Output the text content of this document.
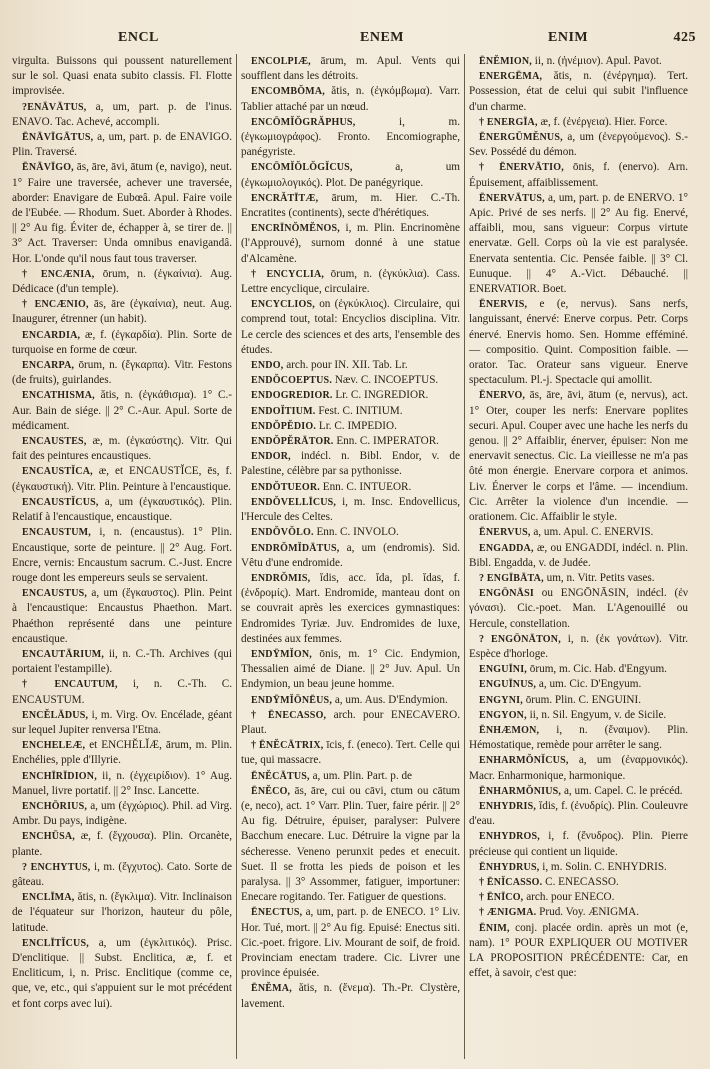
ENCL	ENEM	ENIM	425

virgulta. Buissons qui poussent naturellement sur le sol. Quasi enata subito classis. Fl. Flotte improvisée.

?ENĀVĀTUS, a, um, part. p. de l'inus. ENAVO. Tac. Achevé, accompli.

ĒNĀVĪGĀTUS, a, um, part. p. de ENAVIGO. Plin. Traversé.

ĒNĀVĪGO, ās, āre, āvi, ātum (e, navigo), neut. 1° Faire une traversée, achever une traversée, aborder: Enavigare de Eubœâ. Apul. Faire voile de l'Eubée. — Rhodum. Suet. Aborder à Rhodes. || 2° Au fig. Éviter de, échapper à, se tirer de. || 3° Act. Traverser: Unda omnibus enavigandâ. Hor. L'onde qu'il nous faut tous traverser.

† ENCÆNIA, ōrum, n. (ἐγκαίνια). Aug. Dédicace (d'un temple).

† ENCÆNIO, ās, āre (ἐγκαίνια), neut. Aug. Inaugurer, étrenner (un habit).

ENCARDIA, æ, f. (ἐγκαρδία). Plin. Sorte de turquoise en forme de cœur.

ENCARPA, ōrum, n. (ἔγκαρπα). Vitr. Festons (de fruits), guirlandes.

ENCATHISMA, ătis, n. (ἐγκάθισμα). 1° C.-Aur. Bain de siége. || 2° C.-Aur. Apul. Sorte de médicament.

ENCAUSTES, æ, m. (ἐγκαύστης). Vitr. Qui fait des peintures encaustiques.

ENCAUSTĬCA, æ, et ENCAUSTĬCE, ēs, f. (ἐγκαυστική). Vitr. Plin. Peinture à l'encaustique.

ENCAUSTĬCUS, a, um (ἐγκαυστικός). Plin. Relatif à l'encaustique, encaustique.

ENCAUSTUM, i, n. (encaustus). 1° Plin. Encaustique, sorte de peinture. || 2° Aug. Fort. Encre, vernis: Encaustum sacrum. C.-Just. Encre rouge dont les empereurs seuls se servaient.

ENCAUSTUS, a, um (ἔγκαυστος). Plin. Peint à l'encaustique: Encaustus Phaethon. Mart. Phaéthon représenté dans une peinture encaustique.

ENCAUTĀRIUM, ii, n. C.-Th. Archives (qui portaient l'estampille).

† ENCAUTUM, i, n. C.-Th. C. ENCAUSTUM.

ENCĔLĀDUS, i, m. Virg. Ov. Encélade, géant sur lequel Jupiter renversa l'Etna.

ENCHELEÆ, et ENCHĔLĬÆ, ārum, m. Plin. Enchélies, pple d'Illyrie.

ENCHĪRĪDION, ii, n. (ἐγχειρίδιον). 1° Aug. Manuel, livre portatif. || 2° Insc. Lancette.

ENCHŌRIUS, a, um (ἐγχώριος). Phil. ad Virg. Ambr. Du pays, indigène.

ENCHŪSA, æ, f. (ἔγχουσα). Plin. Orcanète, plante.

? ENCHYTUS, i, m. (ἔγχυτος). Cato. Sorte de gâteau.

ENCLĪMA, ătis, n. (ἔγκλιμα). Vitr. Inclinaison de l'équateur sur l'horizon, hauteur du pôle, latitude.

ENCLĪTĬCUS, a, um (ἐγκλιτικός). Prisc. D'enclitique. || Subst. Enclitica, æ, f. et Encliticum, i, n. Prisc. Enclitique (comme ce, que, ve, etc., qui s'appuient sur le mot précédent et font corps avec lui).

ENCOLPIÆ, ārum, m. Apul. Vents qui soufflent dans les détroits.

ENCOMBŎMA, ătis, n. (ἐγκόμβωμα). Varr. Tablier attaché par un nœud.

ENCŌMĬŎGRĂPHUS, i, m. (ἐγκωμιογράφος). Fronto. Encomiographe, panégyriste.

ENCŌMĬŎLŎGĬCUS, a, um (ἐγκωμιολογικός). Plot. De panégyrique.

ENCRĂTĪTÆ, ārum, m. Hier. C.-Th. Encratites (continents), secte d'hérétiques.

ENCRĪNŎMĔNOS, i, m. Plin. Encrinomène (l'Approuvé), surnom donné à une statue d'Alcamène.

† ENCYCLIA, ōrum, n. (ἐγκύκλια). Cass. Lettre encyclique, circulaire.

ENCYCLIOS, on (ἐγκύκλιος). Circulaire, qui comprend tout, total: Encyclios disciplina. Vitr. Le cercle des sciences et des arts, l'ensemble des études.

ENDO, arch. pour IN. XII. Tab. Lr.

ENDŎCOEPTUS. Næv. C. INCOEPTUS.

ENDOGREDIOR. Lr. C. INGREDIOR.

ENDOĬTIUM. Fest. C. INITIUM.

ENDŎPĔDIO. Lr. C. IMPEDIO.

ENDŎPĔRĀTOR. Enn. C. IMPERATOR.

ENDOR, indécl. n. Bibl. Endor, v. de Palestine, célèbre par sa pythonisse.

ENDŎTUEOR. Enn. C. INTUEOR.

ENDŎVELLĪCUS, i, m. Insc. Endovellicus, l'Hercule des Celtes.

ENDŎVŎLO. Enn. C. INVOLO.

ENDRŎMĬDĀTUS, a, um (endromis). Sid. Vêtu d'une endromide.

ENDRŎMIS, ĭdis, acc. ĭda, pl. ĭdas, f. (ἐνδρομίς). Mart. Endromide, manteau dont on se couvrait après les exercices gymnastiques: Endromides Tyriæ. Juv. Endromides de luxe, destinées aux femmes.

ENDȲMĬON, ōnis, m. 1° Cic. Endymion, Thessalien aimé de Diane. || 2° Juv. Apul. Un Endymion, un beau jeune homme.

ENDȲMĬŌNĒUS, a, um. Aus. D'Endymion.

† ĒNECASSO, arch. pour ENECAVERO. Plaut.

† ĒNĔCĀTRIX, īcis, f. (eneco). Tert. Celle qui tue, qui massacre.

ĒNĔCĀTUS, a, um. Plin. Part. p. de

ĒNĔCO, ās, āre, cui ou cāvi, ctum ou cātum (e, neco), act. 1° Varr. Plin. Tuer, faire périr. || 2° Au fig. Détruire, épuiser, paralyser: Pulvere Bacchum enecare. Luc. Détruire la vigne par la sécheresse. Veneno perunxit pedes et enecuit. Suet. Il se frotta les pieds de poison et les paralysa. || 3° Assommer, fatiguer, importuner: Enecare rogitando. Ter. Fatiguer de questions.

ĒNECTUS, a, um, part. p. de ENECO. 1° Liv. Hor. Tué, mort. || 2° Au fig. Epuisé: Enectus siti. Cic.-poet. frigore. Liv. Mourant de soif, de froid. Provinciam enectam tradere. Cic. Livrer une province épuisée.

ĒNĔMA, ătis, n. (ἔνεμα). Th.-Pr. Clystère, lavement.

ĒNĔMION, ii, n. (ἠνέμιον). Apul. Pavot.

ENERGĒMA, ătis, n. (ἐνέργημα). Tert. Possession, état de celui qui subit l'influence d'un charme.

† ENERGĪA, æ, f. (ἐνέργεια). Hier. Force.

ĒNERGŪMĔNUS, a, um (ἐνεργούμενος). S.-Sev. Possédé du démon.

† ĒNERVĀTIO, ōnis, f. (enervo). Arn. Épuisement, affaiblissement.

ĒNERVĀTUS, a, um, part. p. de ENERVO. 1° Apic. Privé de ses nerfs. || 2° Au fig. Enervé, affaibli, mou, sans vigueur: Corpus virtute enervatæ. Gell. Corps où la vie est paralysée. Enervata sententia. Cic. Pensée faible. || 3° Cl. Eunuque. || 4° A.-Vict. Débauché. || ENERVATIOR. Boet.

ĒNERVIS, e (e, nervus). Sans nerfs, languissant, énervé: Enerve corpus. Petr. Corps énervé. Enervis homo. Sen. Homme efféminé. — compositio. Quint. Composition faible. — orator. Tac. Orateur sans vigueur. Enerve spectaculum. Pl.-j. Spectacle qui amollit.

ĒNERVO, ās, āre, āvi, ātum (e, nervus), act. 1° Oter, couper les nerfs: Enervare poplites securi. Apul. Couper avec une hache les nerfs du genou. || 2° Affaiblir, énerver, épuiser: Non me enervavit senectus. Cic. La vieillesse ne m'a pas ôté mon énergie. Enervare corpora et animos. Liv. Énerver le corps et l'âme. — incendium. Cic. Arrêter la violence d'un incendie. — orationem. Cic. Affaiblir le style.

ĒNERVUS, a, um. Apul. C. ENERVIS.

ENGADDA, æ, ou ENGADDI, indécl. n. Plin. Bibl. Engadda, v. de Judée.

? ENGĪBĀTA, um, n. Vitr. Petits vases.

ENGŌNĀSI ou ENGŌNĀSIN, indécl. (ἐν γόνασι). Cic.-poet. Man. L'Agenouillé ou Hercule, constellation.

? ENGŌNĀTON, i, n. (ἐκ γονάτων). Vitr. Espèce d'horloge.

ENGUĪNI, ōrum, m. Cic. Hab. d'Engyum.

ENGUĪNUS, a, um. Cic. D'Engyum.

ENGYNI, ōrum. Plin. C. ENGUINI.

ENGYON, ii, n. Sil. Engyum, v. de Sicile.

ĒNHÆMON, i, n. (ἔναιμον). Plin. Hémostatique, remède pour arrêter le sang.

ENHARMŎNĬCUS, a, um (ἐναρμονικός). Macr. Enharmonique, harmonique.

ĒNHARMŎNIUS, a, um. Capel. C. le précéd.

ENHYDRIS, ĭdis, f. (ἐνυδρίς). Plin. Couleuvre d'eau.

ENHYDROS, i, f. (ἔνυδρος). Plin. Pierre précieuse qui contient un liquide.

ĒNHYDRUS, i, m. Solin. C. ENHYDRIS.

† ĒNĬCASSO. C. ENECASSO.

† ĒNĪCO, arch. pour ENECO.

† ÆNIGMA. Prud. Voy. ÆNIGMA.

ĒNIM, conj. placée ordin. après un mot (e, nam). 1° POUR EXPLIQUER OU MOTIVER LA PROPOSITION PRÉCÉDENTE: Car, en effet, à savoir, c'est que:
